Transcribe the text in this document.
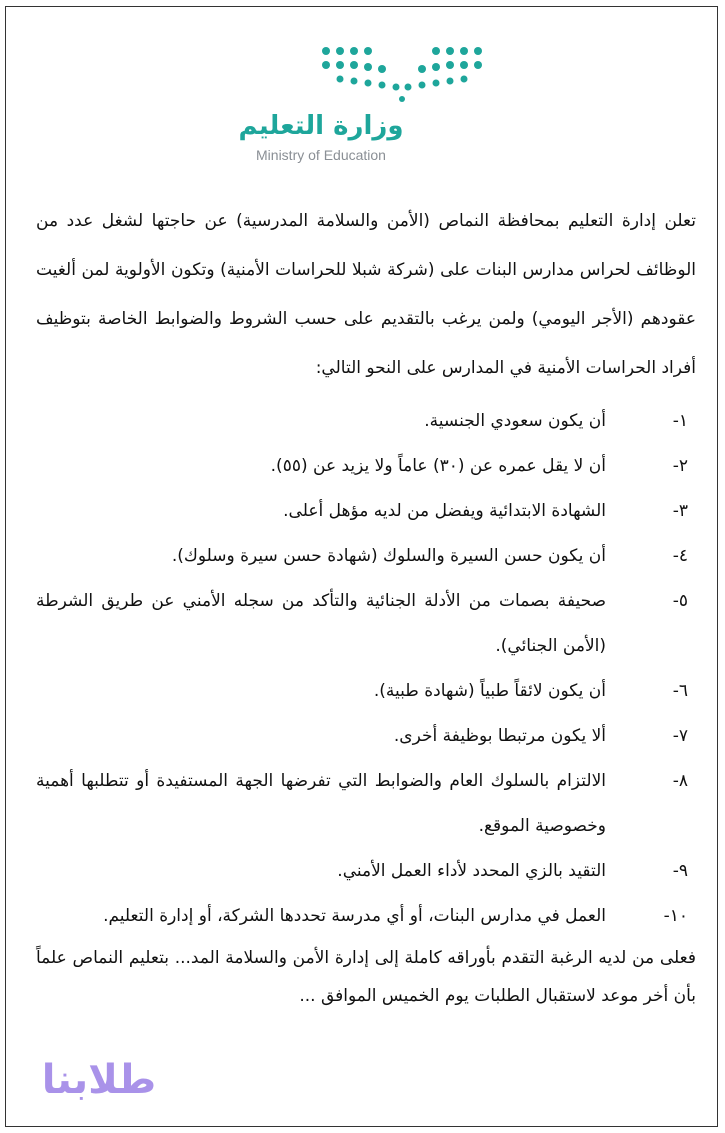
وزارة التعليم
Ministry of Education

تعلن إدارة التعليم بمحافظة النماص (الأمن والسلامة المدرسية) عن حاجتها لشغل عدد من الوظائف لحراس مدارس البنات على (شركة شبلا للحراسات الأمنية) وتكون الأولوية لمن ألغيت عقودهم (الأجر اليومي) ولمن يرغب بالتقديم على حسب الشروط والضوابط الخاصة بتوظيف أفراد الحراسات الأمنية في المدارس على النحو التالي:

١-
أن يكون سعودي الجنسية.
٢-
أن لا يقل عمره عن (٣٠) عاماً ولا يزيد عن (٥٥).
٣-
الشهادة الابتدائية ويفضل من لديه مؤهل أعلى.
٤-
أن يكون حسن السيرة والسلوك (شهادة حسن سيرة وسلوك).
٥-
صحيفة بصمات من الأدلة الجنائية والتأكد من سجله الأمني عن طريق الشرطة (الأمن الجنائي).
٦-
أن يكون لائقاً طبياً (شهادة طبية).
٧-
ألا يكون مرتبطا بوظيفة أخرى.
٨-
الالتزام بالسلوك العام والضوابط التي تفرضها الجهة المستفيدة أو تتطلبها أهمية وخصوصية الموقع.
٩-
التقيد بالزي المحدد لأداء العمل الأمني.
١٠-
العمل في مدارس البنات، أو أي مدرسة تحددها الشركة، أو إدارة التعليم.

فعلى من لديه الرغبة التقدم بأوراقه كاملة إلى إدارة الأمن والسلامة المد... بتعليم النماص علماً بأن أخر موعد لاستقبال الطلبات يوم الخميس الموافق ...

طلابنا
